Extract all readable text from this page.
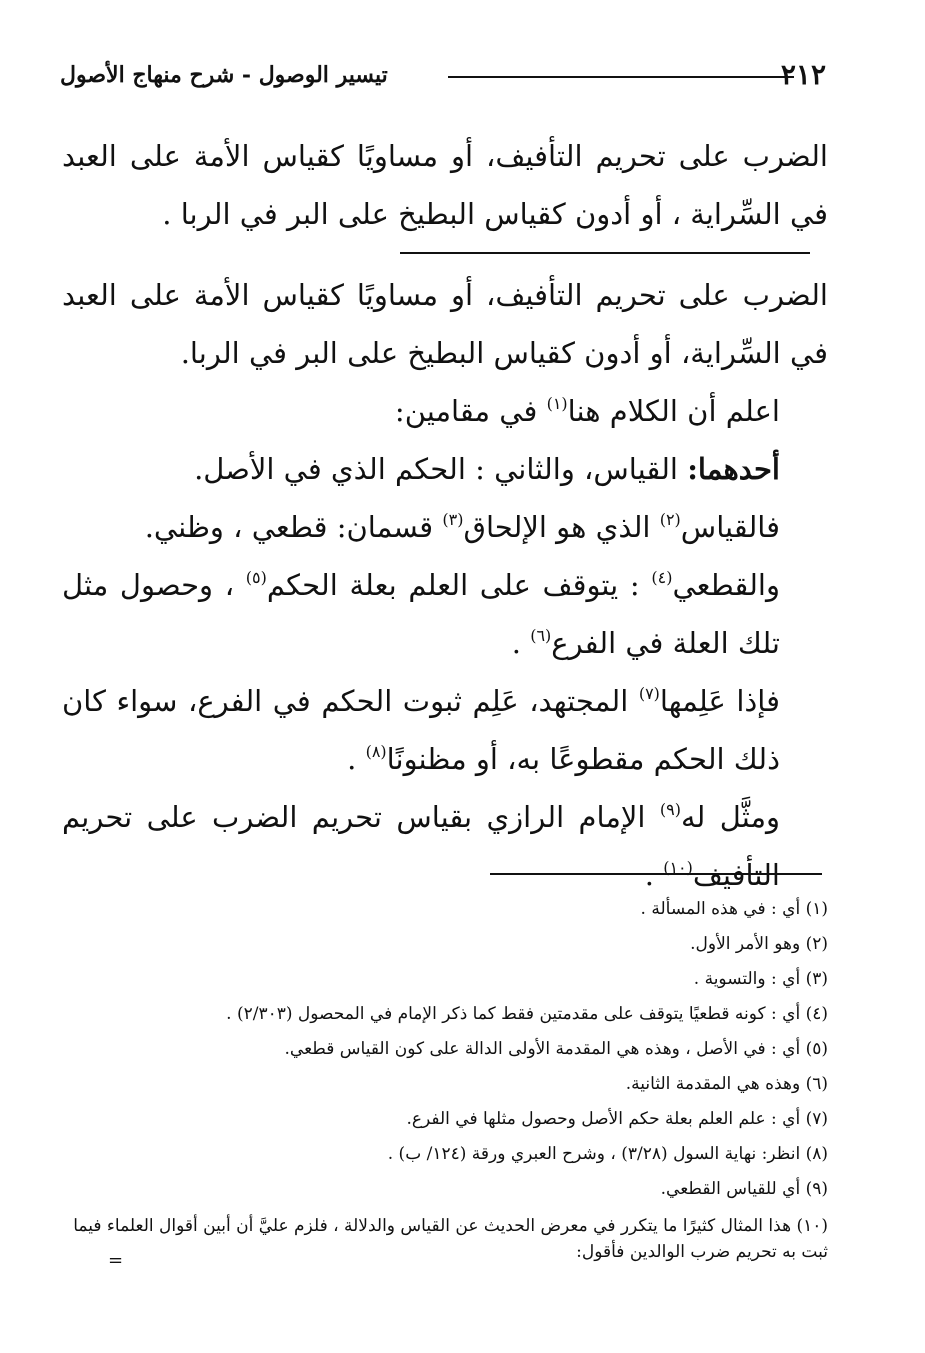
٢١٢
تيسير الوصول - شرح منهاج الأصول

الضرب على تحريم التأفيف، أو مساويًا كقياس الأمة على العبد في السِّراية ، أو أدون كقياس البطيخ على البر في الربا .

الضرب على تحريم التأفيف، أو مساويًا كقياس الأمة على العبد في السِّراية، أو أدون كقياس البطيخ على البر في الربا.

اعلم أن الكلام هنا$^{(١)}$ في مقامين:

أحدهما: القياس، والثاني : الحكم الذي في الأصل.

فالقياس$^{(٢)}$ الذي هو الإلحاق$^{(٣)}$ قسمان: قطعي ، وظني.

والقطعي$^{(٤)}$ : يتوقف على العلم بعلة الحكم$^{(٥)}$ ، وحصول مثل تلك العلة في الفرع$^{(٦)}$ .

فإذا عَلِمها$^{(٧)}$ المجتهد، عَلِم ثبوت الحكم في الفرع، سواء كان ذلك الحكم مقطوعًا به، أو مظنونًا$^{(٨)}$ .

ومثَّل له$^{(٩)}$ الإمام الرازي بقياس تحريم الضرب على تحريم التأفيف$^{(١٠)}$ .

(١) أي : في هذه المسألة .

(٢) وهو الأمر الأول.

(٣) أي : والتسوية .

(٤) أي : كونه قطعيًا يتوقف على مقدمتين فقط كما ذكر الإمام في المحصول (٢/٣٠٣) .

(٥) أي : في الأصل ، وهذه هي المقدمة الأولى الدالة على كون القياس قطعي.

(٦) وهذه هي المقدمة الثانية.

(٧) أي : علم العلم بعلة حكم الأصل وحصول مثلها في الفرع.

(٨) انظر: نهاية السول (٣/٢٨) ، وشرح العبري ورقة (١٢٤/ ب) .

(٩) أي للقياس القطعي.

(١٠) هذا المثال كثيرًا ما يتكرر في معرض الحديث عن القياس والدلالة ، فلزم عليَّ أن أبين أقوال العلماء فيما ثبت به تحريم ضرب الوالدين فأقول:

=
